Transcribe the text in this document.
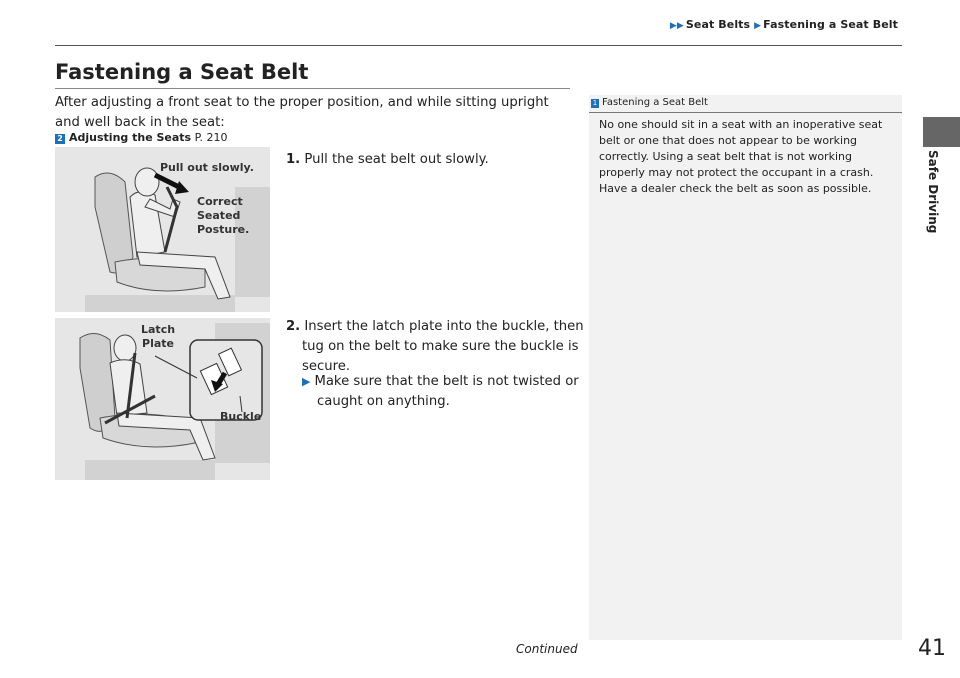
▶▶ Seat Belts ▶ Fastening a Seat Belt
Fastening a Seat Belt
After adjusting a front seat to the proper position, and while sitting upright and well back in the seat:
2 Adjusting the Seats P. 210
Pull out slowly.
Correct
Seated
Posture.
1. Pull the seat belt out slowly.
Latch
Plate
Buckle
2. Insert the latch plate into the buckle, then
tug on the belt to make sure the buckle is
secure.
▶ Make sure that the belt is not twisted or
caught on anything.
1 Fastening a Seat Belt
No one should sit in a seat with an inoperative seat belt or one that does not appear to be working correctly. Using a seat belt that is not working properly may not protect the occupant in a crash. Have a dealer check the belt as soon as possible.	Safe Driving
Continued	41
